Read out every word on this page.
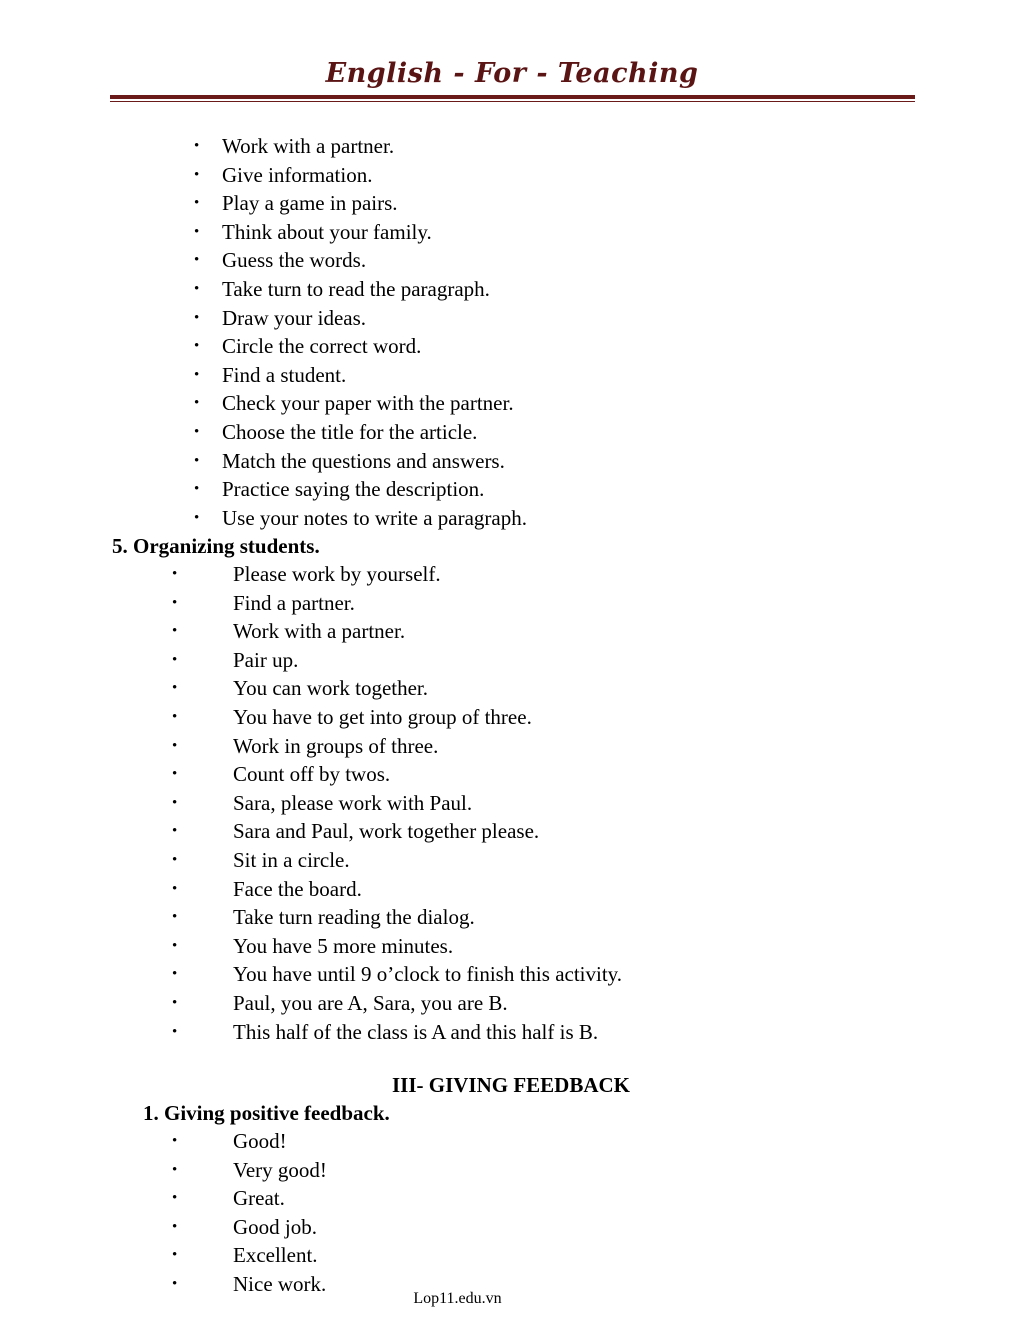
English - For - Teaching
• Work with a partner.
• Give information.
• Play a game in pairs.
• Think about your family.
• Guess the words.
• Take turn to read the paragraph.
• Draw your ideas.
• Circle the correct word.
• Find a student.
• Check your paper with the partner.
• Choose the title for the article.
• Match the questions and answers.
• Practice saying the description.
• Use your notes to write a paragraph.
5. Organizing students.
•	Please work by yourself.
•	Find a partner.
•	Work with a partner.
•	Pair up.
•	You can work together.
•	You have to get into group of three.
•	Work in groups of three.
•	Count off by twos.
•	Sara, please work with Paul.
•	Sara and Paul, work together please.
•	Sit in a circle.
•	Face the board.
•	Take turn reading the dialog.
•	You have 5 more minutes.
•	You have until 9 o’clock to finish this activity.
•	Paul, you are A, Sara, you are B.
•	This half of the class is A and this half is B.
III- GIVING FEEDBACK
1. Giving positive feedback.
•	Good!
•	Very good!
•	Great.
•	Good job.
•	Excellent.
•	Nice work.
Lop11.edu.vn
